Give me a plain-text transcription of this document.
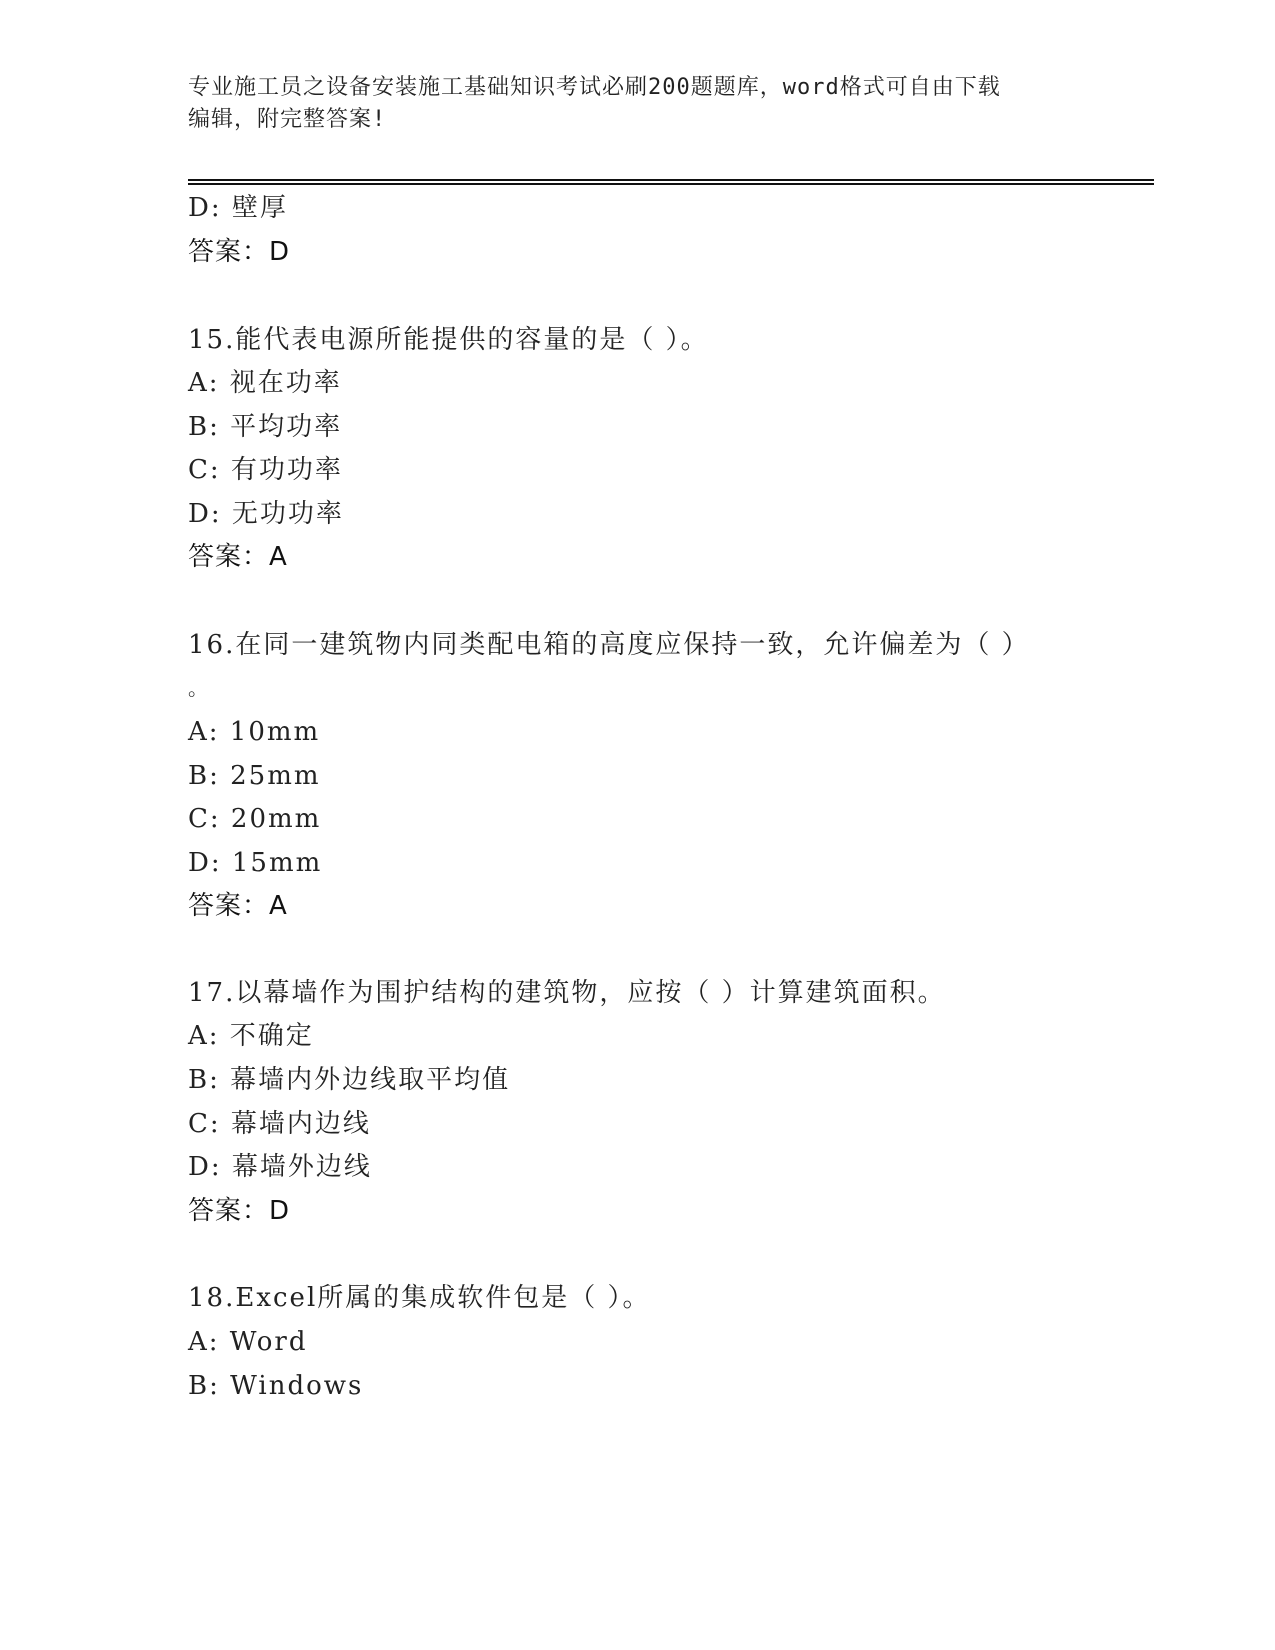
专业施工员之设备安装施工基础知识考试必刷200题题库，word格式可自由下载
编辑，附完整答案!
D: 壁厚
答案：D
15.能代表电源所能提供的容量的是（ ）。
A: 视在功率
B: 平均功率
C: 有功功率
D: 无功功率
答案：A
16.在同一建筑物内同类配电箱的高度应保持一致，允许偏差为（ ）
。
A: 10mm
B: 25mm
C: 20mm
D: 15mm
答案：A
17.以幕墙作为围护结构的建筑物，应按（ ）计算建筑面积。
A: 不确定
B: 幕墙内外边线取平均值
C: 幕墙内边线
D: 幕墙外边线
答案：D
18.Excel所属的集成软件包是（ ）。
A: Word
B: Windows
